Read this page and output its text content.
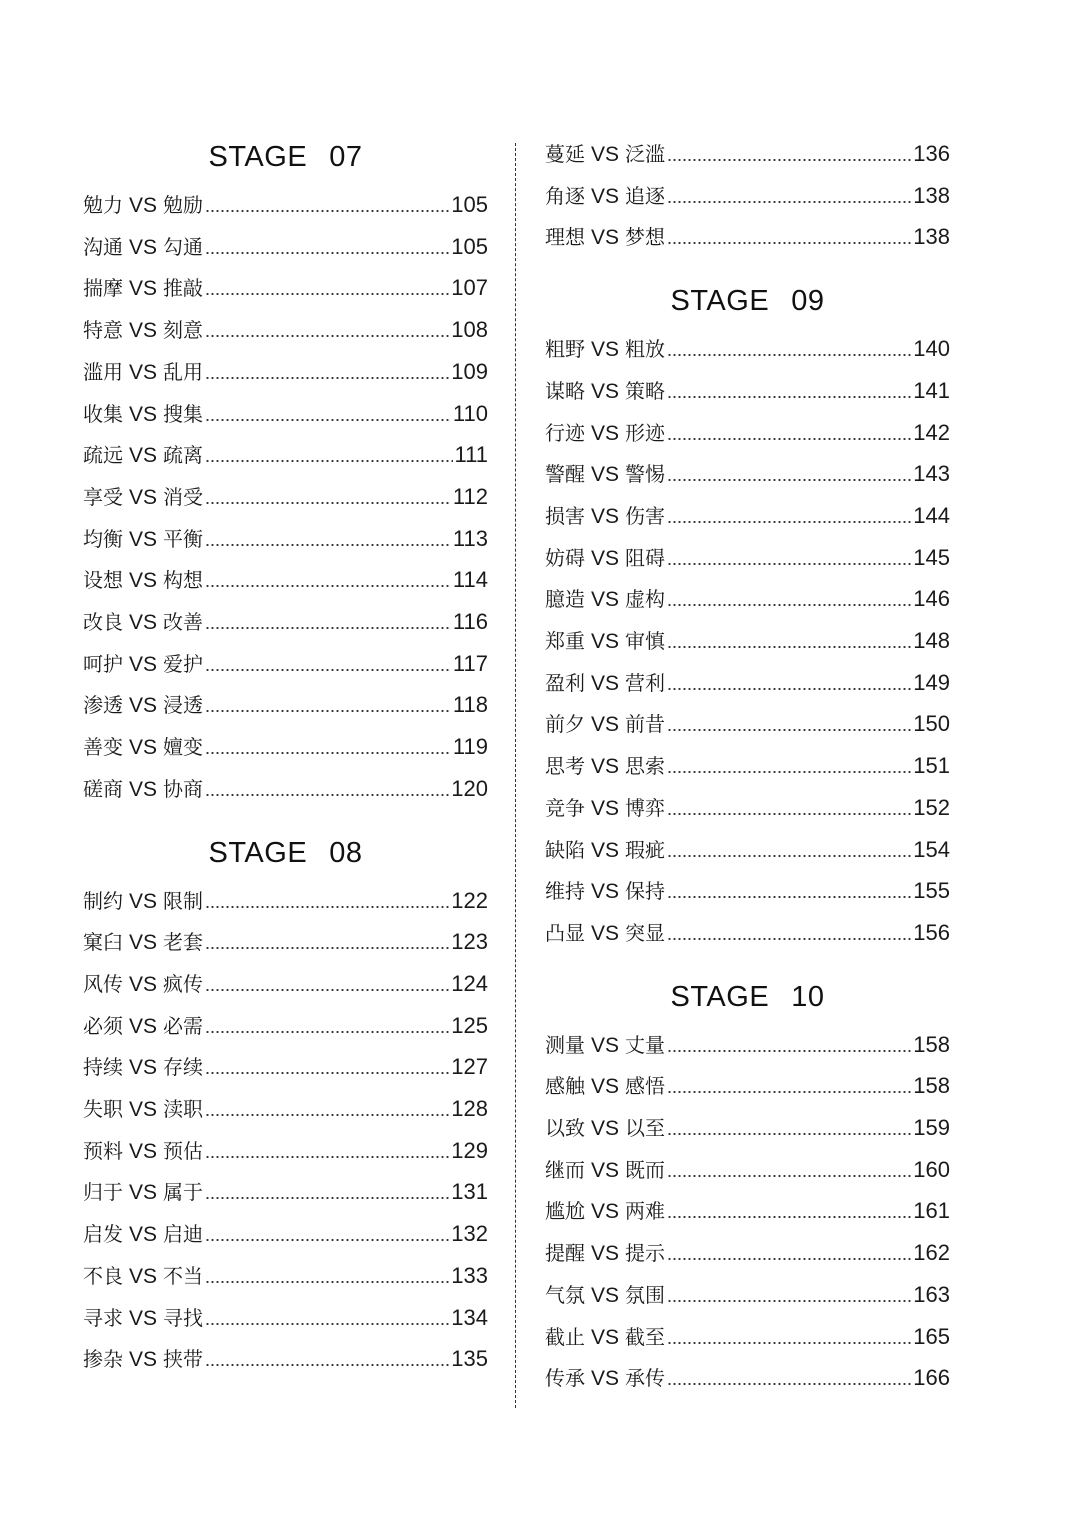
STAGE 07
勉力 VS 勉励	105
沟通 VS 勾通	105
揣摩 VS 推敲	107
特意 VS 刻意	108
滥用 VS 乱用	109
收集 VS 搜集	110
疏远 VS 疏离	111
享受 VS 消受	112
均衡 VS 平衡	113
设想 VS 构想	114
改良 VS 改善	116
呵护 VS 爱护	117
渗透 VS 浸透	118
善变 VS 嬗变	119
磋商 VS 协商	120
STAGE 08
制约 VS 限制	122
窠臼 VS 老套	123
风传 VS 疯传	124
必须 VS 必需	125
持续 VS 存续	127
失职 VS 渎职	128
预料 VS 预估	129
归于 VS 属于	131
启发 VS 启迪	132
不良 VS 不当	133
寻求 VS 寻找	134
掺杂 VS 挟带	135
蔓延 VS 泛滥	136
角逐 VS 追逐	138
理想 VS 梦想	138
STAGE 09
粗野 VS 粗放	140
谋略 VS 策略	141
行迹 VS 形迹	142
警醒 VS 警惕	143
损害 VS 伤害	144
妨碍 VS 阻碍	145
臆造 VS 虚构	146
郑重 VS 审慎	148
盈利 VS 营利	149
前夕 VS 前昔	150
思考 VS 思索	151
竞争 VS 博弈	152
缺陷 VS 瑕疵	154
维持 VS 保持	155
凸显 VS 突显	156
STAGE 10
测量 VS 丈量	158
感触 VS 感悟	158
以致 VS 以至	159
继而 VS 既而	160
尴尬 VS 两难	161
提醒 VS 提示	162
气氛 VS 氛围	163
截止 VS 截至	165
传承 VS 承传	166
